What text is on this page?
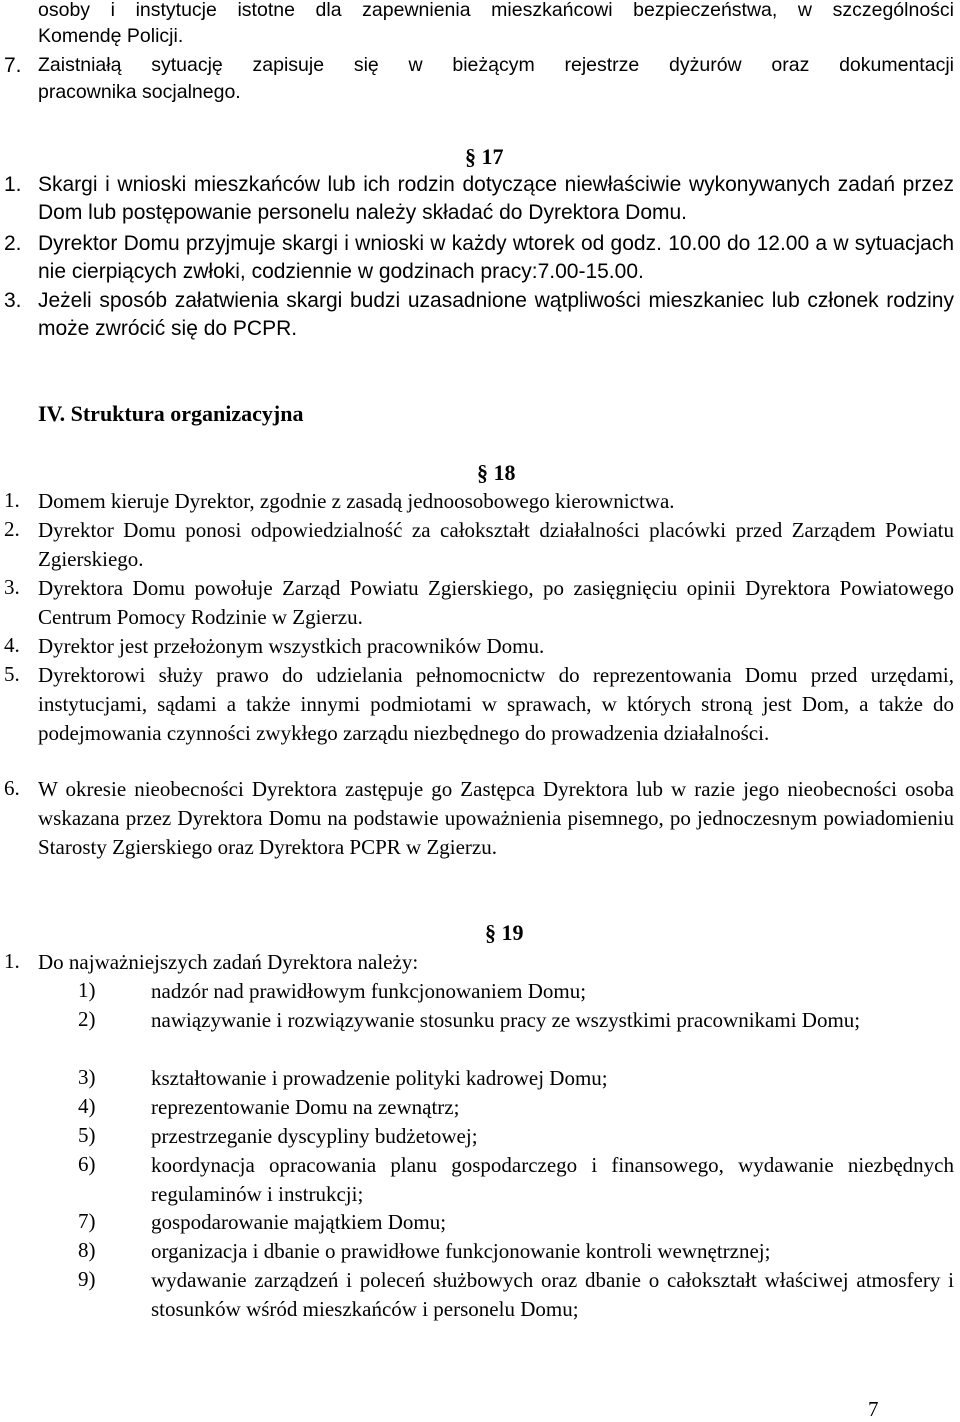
osoby i instytucje istotne dla zapewnienia mieszkańcowi bezpieczeństwa, w szczególności
Komendę Policji.
7. Zaistniałą sytuację zapisuje się w bieżącym rejestrze dyżurów oraz dokumentacji
pracownika socjalnego.
§ 17
1. Skargi i wnioski mieszkańców lub ich rodzin dotyczące niewłaściwie wykonywanych zadań przez Dom lub postępowanie personelu należy składać do Dyrektora Domu.
2. Dyrektor Domu przyjmuje skargi i wnioski w każdy wtorek od godz. 10.00 do 12.00 a w sytuacjach nie cierpiących zwłoki, codziennie w godzinach pracy:7.00-15.00.
3. Jeżeli sposób załatwienia skargi budzi uzasadnione wątpliwości mieszkaniec lub członek rodziny może zwrócić się do PCPR.
IV. Struktura organizacyjna
§ 18
1. Domem kieruje Dyrektor, zgodnie z zasadą jednoosobowego kierownictwa.
2. Dyrektor Domu ponosi odpowiedzialność za całokształt działalności placówki przed Zarządem Powiatu Zgierskiego.
3. Dyrektora Domu powołuje Zarząd Powiatu Zgierskiego, po zasięgnięciu opinii Dyrektora Powiatowego Centrum Pomocy Rodzinie w Zgierzu.
4. Dyrektor jest przełożonym wszystkich pracowników Domu.
5. Dyrektorowi służy prawo do udzielania pełnomocnictw do reprezentowania Domu przed urzędami, instytucjami, sądami a także innymi podmiotami w sprawach, w których stroną jest Dom, a także do podejmowania czynności zwykłego zarządu niezbędnego do prowadzenia działalności.
6. W okresie nieobecności Dyrektora zastępuje go Zastępca Dyrektora lub w razie jego nieobecności osoba wskazana przez Dyrektora Domu na podstawie upoważnienia pisemnego, po jednoczesnym powiadomieniu Starosty Zgierskiego oraz Dyrektora PCPR w Zgierzu.
§ 19
1. Do najważniejszych zadań Dyrektora należy:
1)	nadzór nad prawidłowym funkcjonowaniem Domu;
2)	nawiązywanie i rozwiązywanie stosunku pracy ze wszystkimi pracownikami Domu;
3)	kształtowanie i prowadzenie polityki kadrowej Domu;
4)	reprezentowanie Domu na zewnątrz;
5)	przestrzeganie dyscypliny budżetowej;
6)	koordynacja opracowania planu gospodarczego i finansowego, wydawanie niezbędnych regulaminów i instrukcji;
7)	gospodarowanie majątkiem Domu;
8)	organizacja i dbanie o prawidłowe funkcjonowanie kontroli wewnętrznej;
9)	wydawanie zarządzeń i poleceń służbowych oraz dbanie o całokształt właściwej atmosfery i stosunków wśród mieszkańców i personelu Domu;
7
